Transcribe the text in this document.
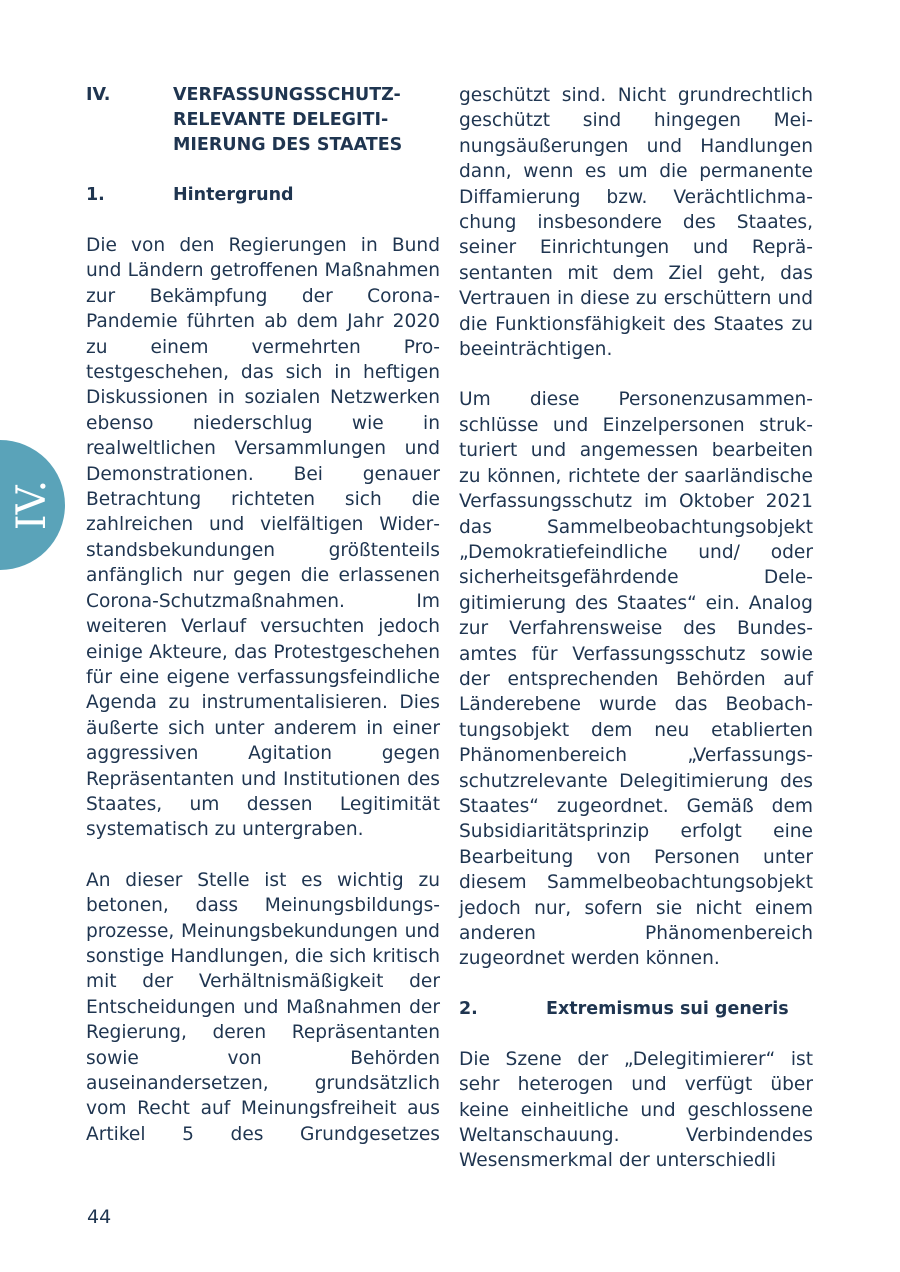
IV.
IV.	VERFASSUNGSSCHUTZ-RELEVANTE DELEGITI-MIERUNG DES STAATES
1.	Hintergrund

Die von den Regierungen in Bund und Ländern getroffenen Maßnahmen zur Bekämpfung der Corona-Pandemie führten ab dem Jahr 2020 zu einem vermehrten Protestgeschehen, das sich in heftigen Diskussionen in sozialen Netzwerken ebenso niederschlug wie in realweltlichen Versammlungen und Demonstrationen. Bei genauer Betrachtung richteten sich die zahlreichen und vielfältigen Widerstandsbekundungen größtenteils anfänglich nur gegen die erlassenen Corona-Schutzmaßnahmen. Im weiteren Verlauf versuchten jedoch einige Akteure, das Protestgeschehen für eine eigene verfassungsfeindliche Agenda zu instrumentalisieren. Dies äußerte sich unter anderem in einer aggressiven Agitation gegen Repräsentanten und Institutionen des Staates, um dessen Legitimität systematisch zu untergraben.

An dieser Stelle ist es wichtig zu betonen, dass Meinungsbildungsprozesse, Meinungsbekundungen und sonstige Handlungen, die sich kritisch mit der Verhältnismäßigkeit der Entscheidungen und Maßnahmen der Regierung, deren Repräsentanten sowie von Behörden auseinandersetzen, grundsätzlich vom Recht auf Meinungsfreiheit aus Artikel 5 des Grundgesetzes

geschützt sind. Nicht grundrechtlich geschützt sind hingegen Meinungsäußerungen und Handlungen dann, wenn es um die permanente Diffamierung bzw. Verächtlichmachung insbesondere des Staates, seiner Einrichtungen und Repräsentanten mit dem Ziel geht, das Vertrauen in diese zu erschüttern und die Funktionsfähigkeit des Staates zu beeinträchtigen.

Um diese Personenzusammenschlüsse und Einzelpersonen strukturiert und angemessen bearbeiten zu können, richtete der saarländische Verfassungsschutz im Oktober 2021 das Sammelbeobachtungsobjekt „Demokratiefeindliche und/ oder sicherheitsgefährdende Delegitimierung des Staates“ ein. Analog zur Verfahrensweise des Bundesamtes für Verfassungsschutz sowie der entsprechenden Behörden auf Länderebene wurde das Beobachtungsobjekt dem neu etablierten Phänomenbereich „Verfassungsschutzrelevante Delegitimierung des Staates“ zugeordnet. Gemäß dem Subsidiaritätsprinzip erfolgt eine Bearbeitung von Personen unter diesem Sammelbeobachtungsobjekt jedoch nur, sofern sie nicht einem anderen Phänomenbereich zugeordnet werden können.

2.	Extremismus sui generis

Die Szene der „Delegitimierer“ ist sehr heterogen und verfügt über keine einheitliche und geschlossene Weltanschauung. Verbindendes Wesensmerkmal der unterschiedli

44
